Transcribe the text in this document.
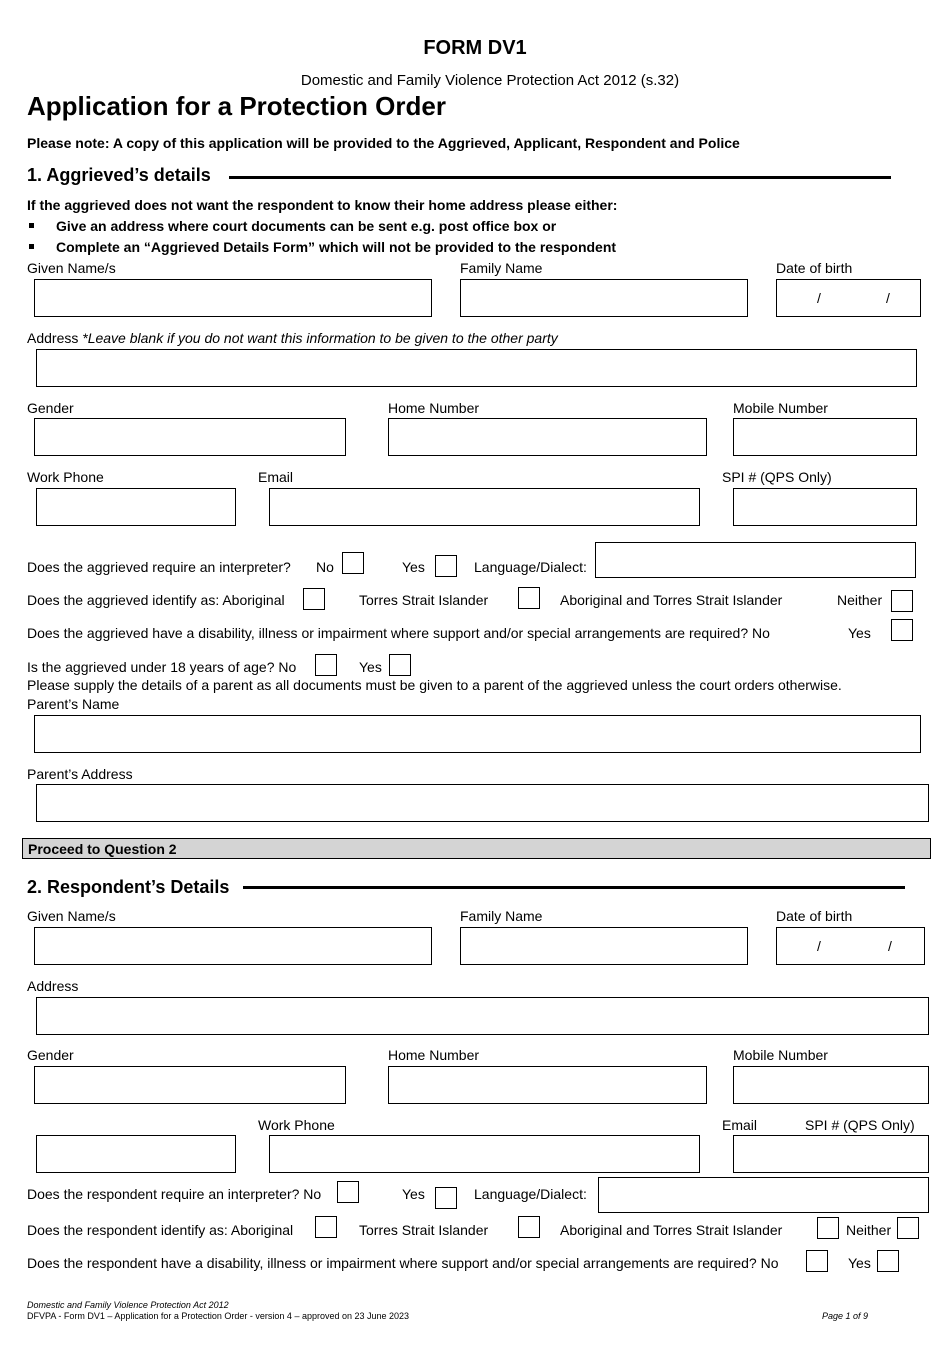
FORM DV1
Domestic and Family Violence Protection Act 2012 (s.32)
Application for a Protection Order
Please note: A copy of this application will be provided to the Aggrieved, Applicant, Respondent and Police
1. Aggrieved’s details
If the aggrieved does not want the respondent to know their home address please either:
Give an address where court documents can be sent e.g. post office box or
Complete an “Aggrieved Details Form” which will not be provided to the respondent
Given Name/s	Family Name	Date of birth
/	/
Address *Leave blank if you do not want this information to be given to the other party
Gender	Home Number	Mobile Number
Work Phone	Email	SPI # (QPS Only)
Does the aggrieved require an interpreter? No	Yes	Language/Dialect:
Does the aggrieved identify as: Aboriginal	Torres Strait Islander	Aboriginal and Torres Strait Islander	Neither
Does the aggrieved have a disability, illness or impairment where support and/or special arrangements are required? No	Yes
Is the aggrieved under 18 years of age? No	Yes
Please supply the details of a parent as all documents must be given to a parent of the aggrieved unless the court orders otherwise.
Parent’s Name
Parent’s Address
Proceed to Question 2
2. Respondent’s Details
Given Name/s	Family Name	Date of birth
/	/
Address
Gender	Home Number	Mobile Number
Work Phone	Email	SPI # (QPS Only)
Does the respondent require an interpreter? No	Yes	Language/Dialect:
Does the respondent identify as: Aboriginal	Torres Strait Islander	Aboriginal and Torres Strait Islander	Neither
Does the respondent have a disability, illness or impairment where support and/or special arrangements are required? No	Yes
Domestic and Family Violence Protection Act 2012
DFVPA - Form DV1 – Application for a Protection Order - version 4 – approved on 23 June 2023	Page 1 of 9
